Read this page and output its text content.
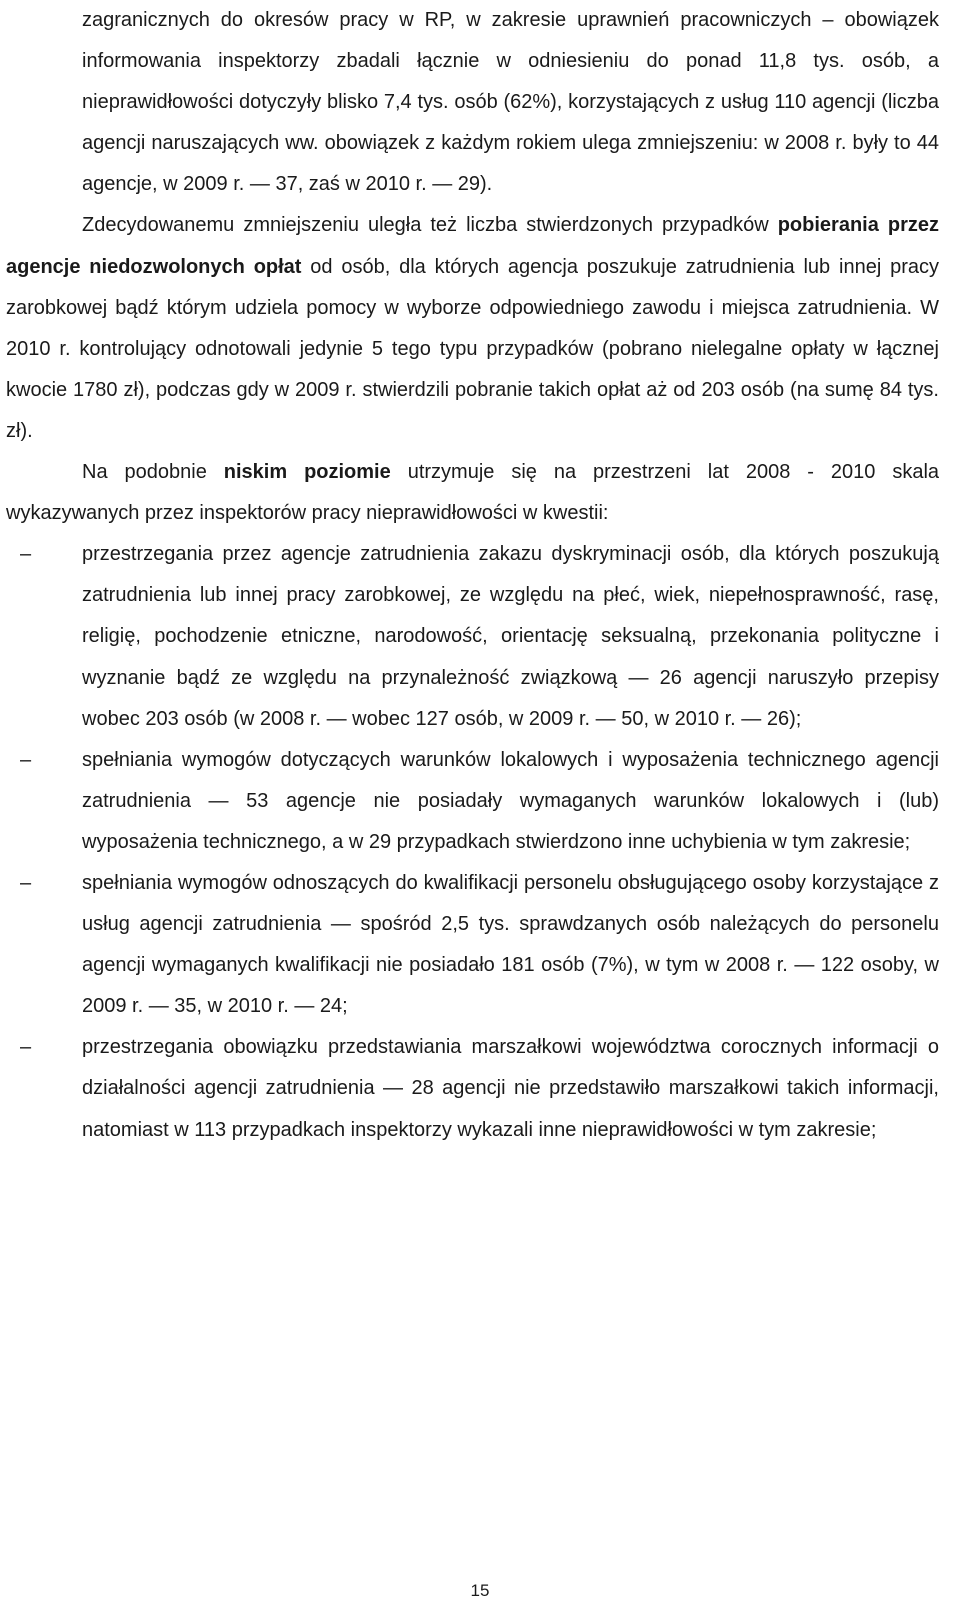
zagranicznych do okresów pracy w RP, w zakresie uprawnień pracowniczych – obowiązek informowania inspektorzy zbadali łącznie w odniesieniu do ponad 11,8 tys. osób, a nieprawidłowości dotyczyły blisko 7,4 tys. osób (62%), korzystających z usług 110 agencji (liczba agencji naruszających ww. obowiązek z każdym rokiem ulega zmniejszeniu: w 2008 r. były to 44 agencje, w 2009 r. — 37, zaś w 2010 r. — 29).

Zdecydowanemu zmniejszeniu uległa też liczba stwierdzonych przypadków pobierania przez agencje niedozwolonych opłat od osób, dla których agencja poszukuje zatrudnienia lub innej pracy zarobkowej bądź którym udziela pomocy w wyborze odpowiedniego zawodu i miejsca zatrudnienia. W 2010 r. kontrolujący odnotowali jedynie 5 tego typu przypadków (pobrano nielegalne opłaty w łącznej kwocie 1780 zł), podczas gdy w 2009 r. stwierdzili pobranie takich opłat aż od 203 osób (na sumę 84 tys. zł).

Na podobnie niskim poziomie utrzymuje się na przestrzeni lat 2008 - 2010 skala wykazywanych przez inspektorów pracy nieprawidłowości w kwestii:

–	przestrzegania przez agencje zatrudnienia zakazu dyskryminacji osób, dla których poszukują zatrudnienia lub innej pracy zarobkowej, ze względu na płeć, wiek, niepełnosprawność, rasę, religię, pochodzenie etniczne, narodowość, orientację seksualną, przekonania polityczne i wyznanie bądź ze względu na przynależność związkową — 26 agencji naruszyło przepisy wobec 203 osób (w 2008 r. — wobec 127 osób, w 2009 r. — 50, w 2010 r. — 26);
–	spełniania wymogów dotyczących warunków lokalowych i wyposażenia technicznego agencji zatrudnienia — 53 agencje nie posiadały wymaganych warunków lokalowych i (lub) wyposażenia technicznego, a w 29 przypadkach stwierdzono inne uchybienia w tym zakresie;
–	spełniania wymogów odnoszących do kwalifikacji personelu obsługującego osoby korzystające z usług agencji zatrudnienia — spośród 2,5 tys. sprawdzanych osób należących do personelu agencji wymaganych kwalifikacji nie posiadało 181 osób (7%), w tym w 2008 r. — 122 osoby, w 2009 r. — 35, w 2010 r. — 24;
–	przestrzegania obowiązku przedstawiania marszałkowi województwa corocznych informacji o działalności agencji zatrudnienia — 28 agencji nie przedstawiło marszałkowi takich informacji, natomiast w 113 przypadkach inspektorzy wykazali inne nieprawidłowości w tym zakresie;
15
